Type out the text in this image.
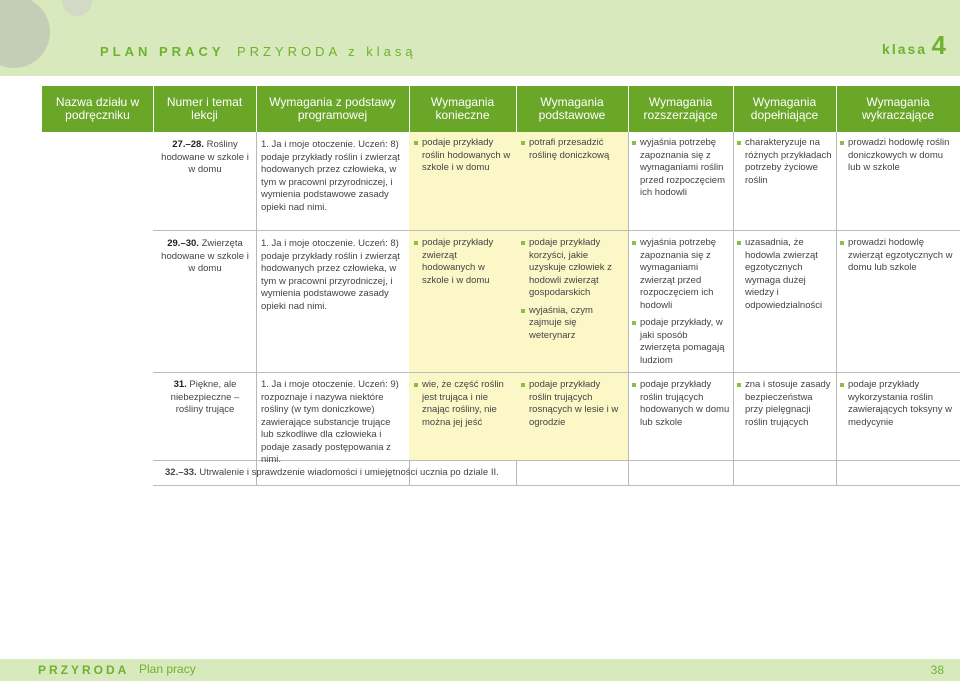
PLAN PRACY PRZYRODA z klasą	klasa 4
Nazwa działu w podręczniku
Numer i temat lekcji
Wymagania z podstawy programowej
Wymagania konieczne
Wymagania podstawowe
Wymagania rozszerzające
Wymagania dopełniające
Wymagania wykraczające
27.–28. Rośliny hodowane w szkole i w domu
1. Ja i moje otoczenie. Uczeń: 8) podaje przykłady roślin i zwierząt hodowanych przez człowieka, w tym w pracowni przyrodniczej, i wymienia podstawowe zasady opieki nad nimi.
podaje przykłady roślin hodowanych w szkole i w domu
potrafi przesadzić roślinę doniczkową
wyjaśnia potrzebę zapoznania się z wymaganiami roślin przed rozpoczęciem ich hodowli
charakteryzuje na różnych przykładach potrzeby życiowe roślin
prowadzi hodowlę roślin doniczkowych w domu lub w szkole
29.–30. Zwierzęta hodowane w szkole i w domu
1. Ja i moje otoczenie. Uczeń: 8) podaje przykłady roślin i zwierząt hodowanych przez człowieka, w tym w pracowni przyrodniczej, i wymienia podstawowe zasady opieki nad nimi.
podaje przykłady zwierząt hodowanych w szkole i w domu
podaje przykłady korzyści, jakie uzyskuje człowiek z hodowli zwierząt gospodarskich
wyjaśnia, czym zajmuje się weterynarz
wyjaśnia potrzebę zapoznania się z wymaganiami zwierząt przed rozpoczęciem ich hodowli
podaje przykłady, w jaki sposób zwierzęta pomagają ludziom
uzasadnia, że hodowla zwierząt egzotycznych wymaga dużej wiedzy i odpowiedzialności
prowadzi hodowlę zwierząt egzotycznych w domu lub szkole
31. Piękne, ale niebezpieczne – rośliny trujące
1. Ja i moje otoczenie. Uczeń: 9) rozpoznaje i nazywa niektóre rośliny (w tym doniczkowe) zawierające substancje trujące lub szkodliwe dla człowieka i podaje zasady postępowania z nimi.
wie, że część roślin jest trująca i nie znając rośliny, nie można jej jeść
podaje przykłady roślin trujących rosnących w lesie i w ogrodzie
podaje przykłady roślin trujących hodowanych w domu lub szkole
zna i stosuje zasady bezpieczeństwa przy pielęgnacji roślin trujących
podaje przykłady wykorzystania roślin zawierających toksyny w medycynie
32.–33. Utrwalenie i sprawdzenie wiadomości i umiejętności ucznia po dziale II.
PRZYRODA Plan pracy	38
